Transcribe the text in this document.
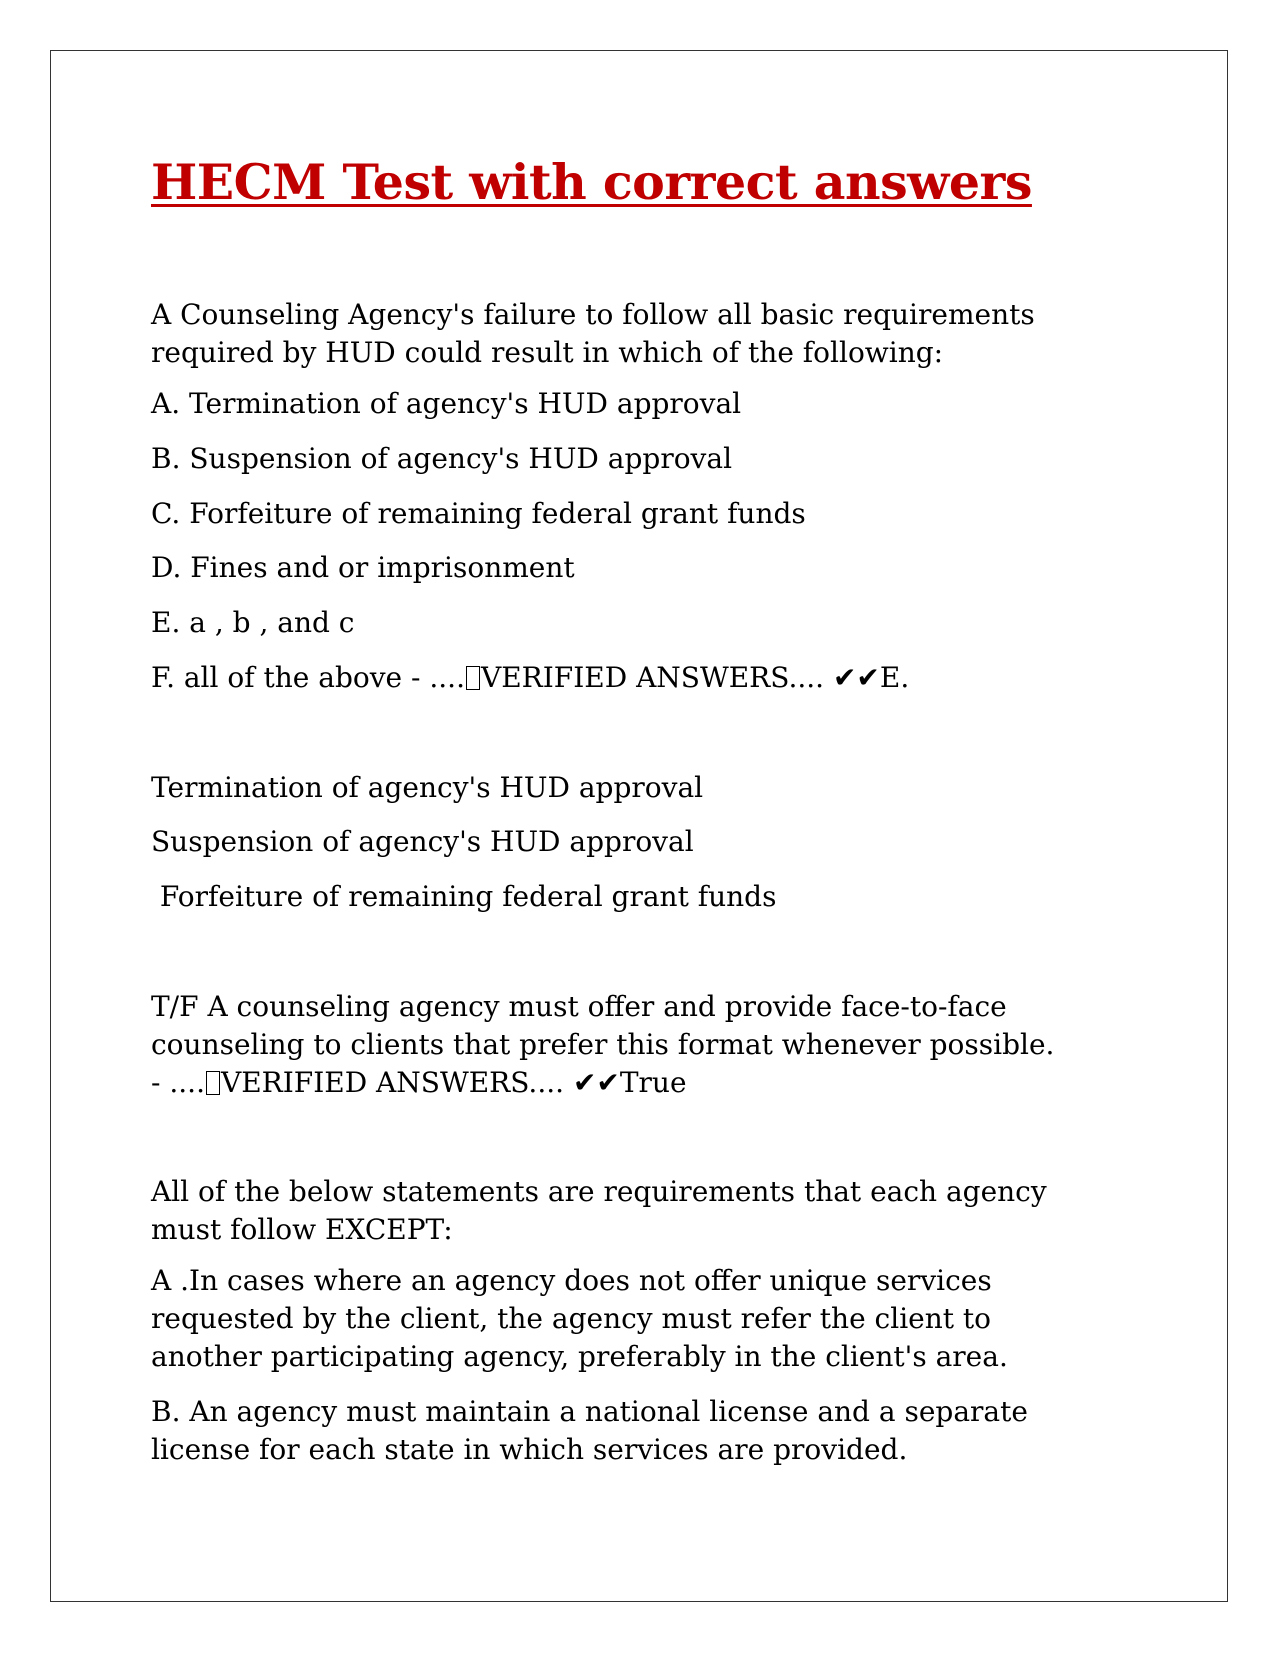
HECM Test with correct answers

A Counseling Agency's failure to follow all basic requirements

required by HUD could result in which of the following:

A. Termination of agency's HUD approval

B. Suspension of agency's HUD approval

C. Forfeiture of remaining federal grant funds

D. Fines and or imprisonment

E. a , b , and c

F. all of the above - .... VERIFIED ANSWERS.... ✔✔E.

Termination of agency's HUD approval

Suspension of agency's HUD approval

Forfeiture of remaining federal grant funds

T/F A counseling agency must offer and provide face-to-face

counseling to clients that prefer this format whenever possible.

- .... VERIFIED ANSWERS.... ✔✔True

All of the below statements are requirements that each agency

must follow EXCEPT:

A .In cases where an agency does not offer unique services

requested by the client, the agency must refer the client to

another participating agency, preferably in the client's area.

B. An agency must maintain a national license and a separate

license for each state in which services are provided.
